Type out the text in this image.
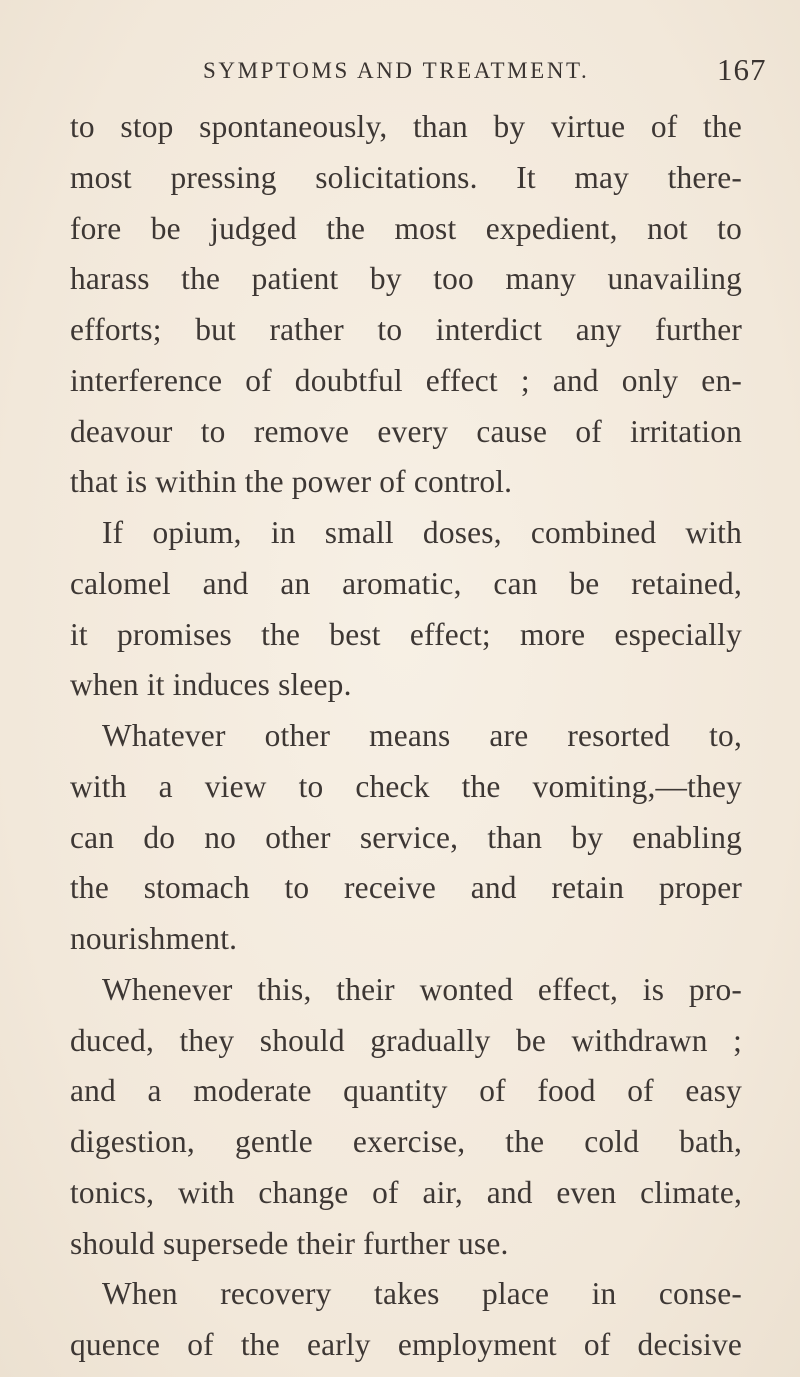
SYMPTOMS AND TREATMENT.	167
to stop spontaneously, than by virtue of the
most pressing solicitations. It may there-
fore be judged the most expedient, not to
harass the patient by too many unavailing
efforts; but rather to interdict any further
interference of doubtful effect ; and only en-
deavour to remove every cause of irritation
that is within the power of control.
If opium, in small doses, combined with
calomel and an aromatic, can be retained,
it promises the best effect; more especially
when it induces sleep.
Whatever other means are resorted to,
with a view to check the vomiting,—they
can do no other service, than by enabling
the stomach to receive and retain proper
nourishment.
Whenever this, their wonted effect, is pro-
duced, they should gradually be withdrawn ;
and a moderate quantity of food of easy
digestion, gentle exercise, the cold bath,
tonics, with change of air, and even climate,
should supersede their further use.
When recovery takes place in conse-
quence of the early employment of decisive
